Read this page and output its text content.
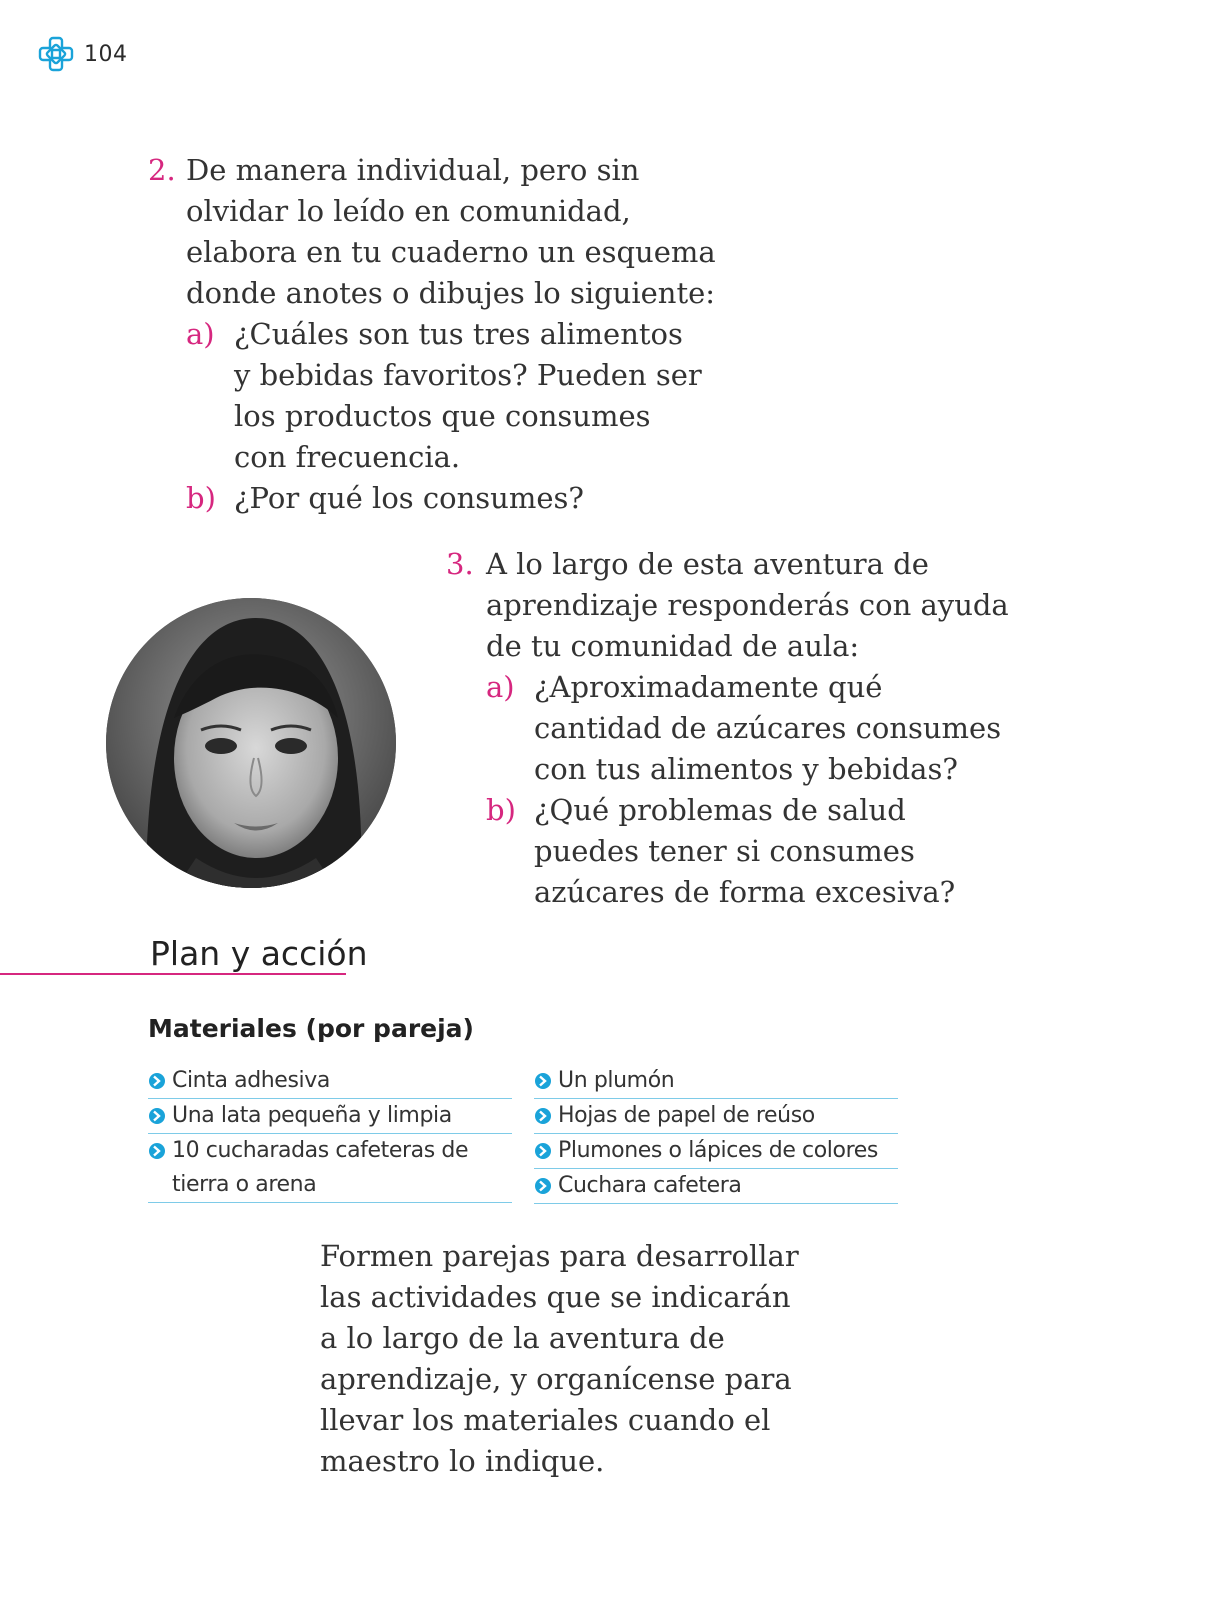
104
2. De manera individual, pero sin
olvidar lo leído en comunidad,
elabora en tu cuaderno un esquema
donde anotes o dibujes lo siguiente:
a) ¿Cuáles son tus tres alimentos
y bebidas favoritos? Pueden ser
los productos que consumes
con frecuencia.
b) ¿Por qué los consumes?
3. A lo largo de esta aventura de
aprendizaje responderás con ayuda
de tu comunidad de aula:
a) ¿Aproximadamente qué
cantidad de azúcares consumes
con tus alimentos y bebidas?
b) ¿Qué problemas de salud
puedes tener si consumes
azúcares de forma excesiva?
Plan y acción
Materiales (por pareja)
Cinta adhesiva
Una lata pequeña y limpia
10 cucharadas cafeteras de tierra o arena
Un plumón
Hojas de papel de reúso
Plumones o lápices de colores
Cuchara cafetera
Formen parejas para desarrollar
las actividades que se indicarán
a lo largo de la aventura de
aprendizaje, y organícense para
llevar los materiales cuando el
maestro lo indique.
